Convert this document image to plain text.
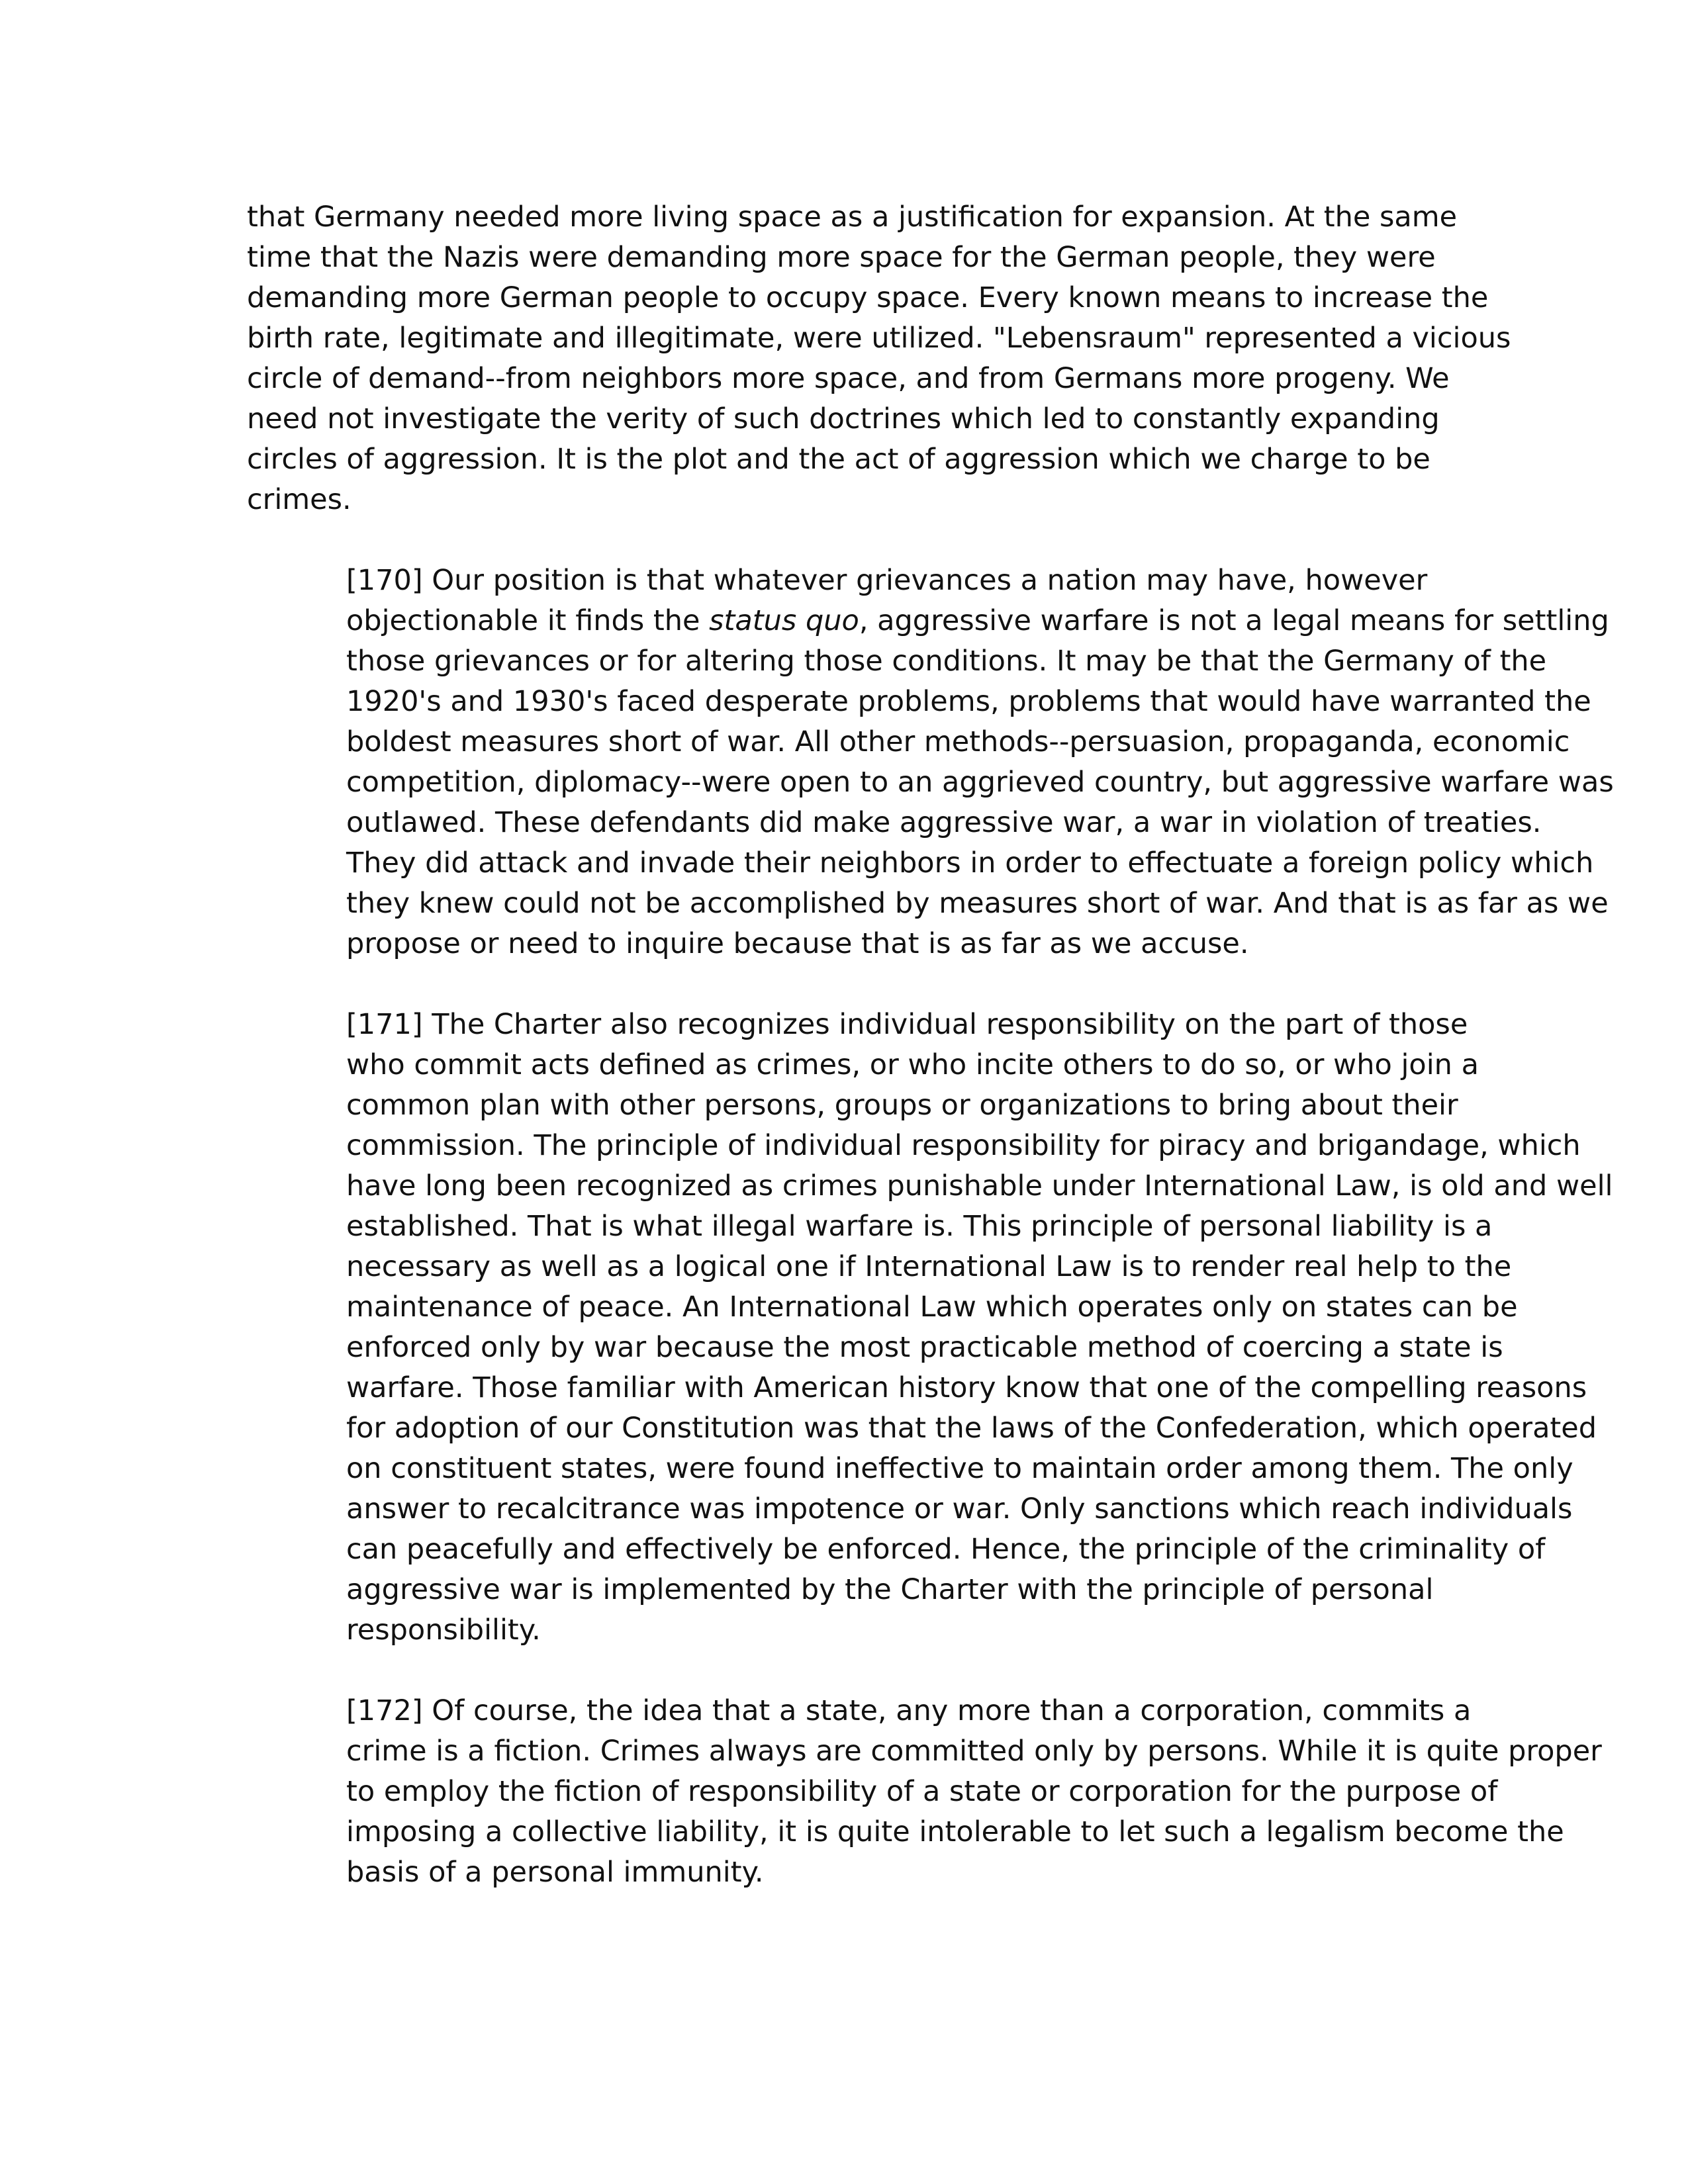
that Germany needed more living space as a justification for expansion. At the same
time that the Nazis were demanding more space for the German people, they were
demanding more German people to occupy space. Every known means to increase the
birth rate, legitimate and illegitimate, were utilized. "Lebensraum" represented a vicious
circle of demand--from neighbors more space, and from Germans more progeny. We
need not investigate the verity of such doctrines which led to constantly expanding
circles of aggression. It is the plot and the act of aggression which we charge to be
crimes.

[170] Our position is that whatever grievances a nation may have, however
objectionable it finds the status quo, aggressive warfare is not a legal means for settling
those grievances or for altering those conditions. It may be that the Germany of the
1920's and 1930's faced desperate problems, problems that would have warranted the
boldest measures short of war. All other methods--persuasion, propaganda, economic
competition, diplomacy--were open to an aggrieved country, but aggressive warfare was
outlawed. These defendants did make aggressive war, a war in violation of treaties.
They did attack and invade their neighbors in order to effectuate a foreign policy which
they knew could not be accomplished by measures short of war. And that is as far as we
propose or need to inquire because that is as far as we accuse.

[171] The Charter also recognizes individual responsibility on the part of those
who commit acts defined as crimes, or who incite others to do so, or who join a
common plan with other persons, groups or organizations to bring about their
commission. The principle of individual responsibility for piracy and brigandage, which
have long been recognized as crimes punishable under International Law, is old and well
established. That is what illegal warfare is. This principle of personal liability is a
necessary as well as a logical one if International Law is to render real help to the
maintenance of peace. An International Law which operates only on states can be
enforced only by war because the most practicable method of coercing a state is
warfare. Those familiar with American history know that one of the compelling reasons
for adoption of our Constitution was that the laws of the Confederation, which operated
on constituent states, were found ineffective to maintain order among them. The only
answer to recalcitrance was impotence or war. Only sanctions which reach individuals
can peacefully and effectively be enforced. Hence, the principle of the criminality of
aggressive war is implemented by the Charter with the principle of personal
responsibility.

[172] Of course, the idea that a state, any more than a corporation, commits a
crime is a fiction. Crimes always are committed only by persons. While it is quite proper
to employ the fiction of responsibility of a state or corporation for the purpose of
imposing a collective liability, it is quite intolerable to let such a legalism become the
basis of a personal immunity.
